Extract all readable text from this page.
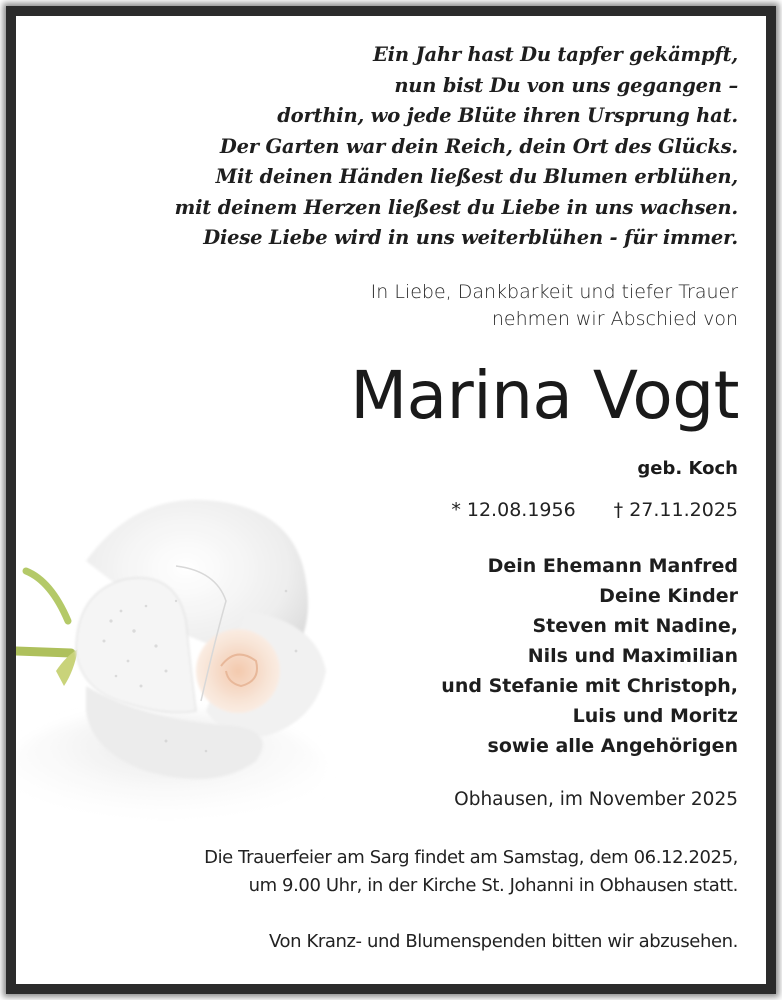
Ein Jahr hast Du tapfer gekämpft,
nun bist Du von uns gegangen –
dorthin, wo jede Blüte ihren Ursprung hat.
Der Garten war dein Reich, dein Ort des Glücks.
Mit deinen Händen ließest du Blumen erblühen,
mit deinem Herzen ließest du Liebe in uns wachsen.
Diese Liebe wird in uns weiterblühen - für immer.
In Liebe, Dankbarkeit und tiefer Trauer
nehmen wir Abschied von
Marina Vogt
geb. Koch
* 12.08.1956 † 27.11.2025
Dein Ehemann Manfred
Deine Kinder
Steven mit Nadine,
Nils und Maximilian
und Stefanie mit Christoph,
Luis und Moritz
sowie alle Angehörigen
Obhausen, im November 2025
Die Trauerfeier am Sarg findet am Samstag, dem 06.12.2025,
um 9.00 Uhr, in der Kirche St. Johanni in Obhausen statt.
Von Kranz- und Blumenspenden bitten wir abzusehen.
